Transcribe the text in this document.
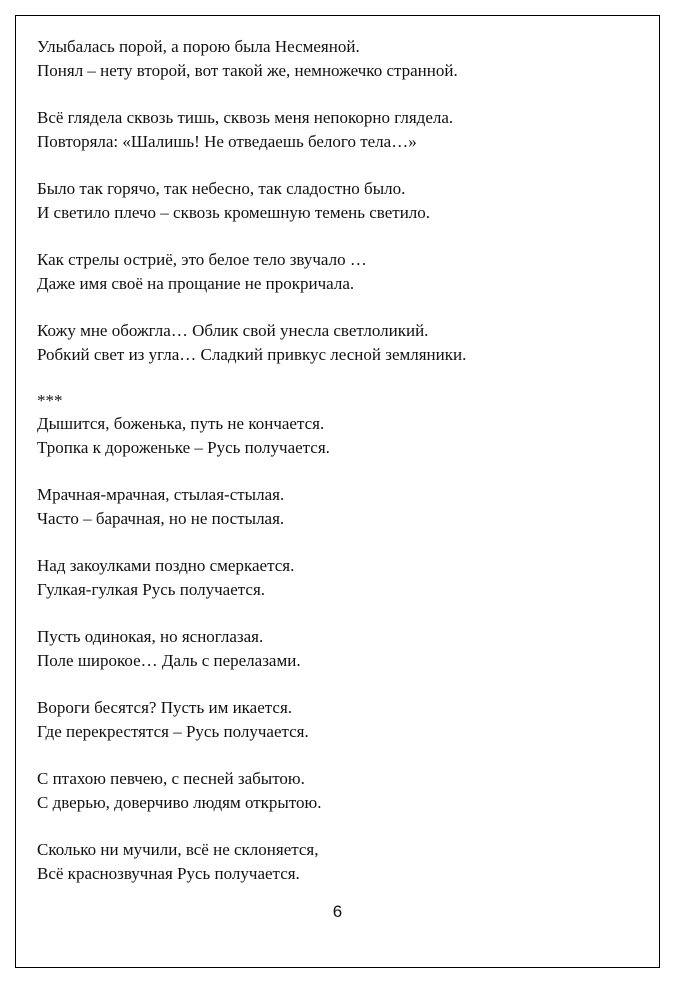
Улыбалась порой, а порою была Несмеяной.
Понял – нету второй, вот такой же, немножечко странной.
Всё глядела сквозь тишь, сквозь меня непокорно глядела.
Повторяла: «Шалишь! Не отведаешь белого тела…»
Было так горячо, так небесно, так сладостно было.
И светило плечо – сквозь кромешную темень светило.
Как стрелы остриё, это белое тело звучало …
Даже имя своё на прощание не прокричала.
Кожу мне обожгла… Облик свой унесла светлоликий.
Робкий свет из угла… Сладкий привкус лесной земляники.
***
Дышится, боженька, путь не кончается.
Тропка к дороженьке – Русь получается.
Мрачная-мрачная, стылая-стылая.
Часто – барачная, но не постылая.
Над закоулками поздно смеркается.
Гулкая-гулкая Русь получается.
Пусть одинокая, но ясноглазая.
Поле широкое… Даль с перелазами.
Вороги бесятся? Пусть им икается.
Где перекрестятся – Русь получается.
С птахою певчею, с песней забытою.
С дверью, доверчиво людям открытою.
Сколько ни мучили, всё не склоняется,
Всё краснозвучная Русь получается.
6
